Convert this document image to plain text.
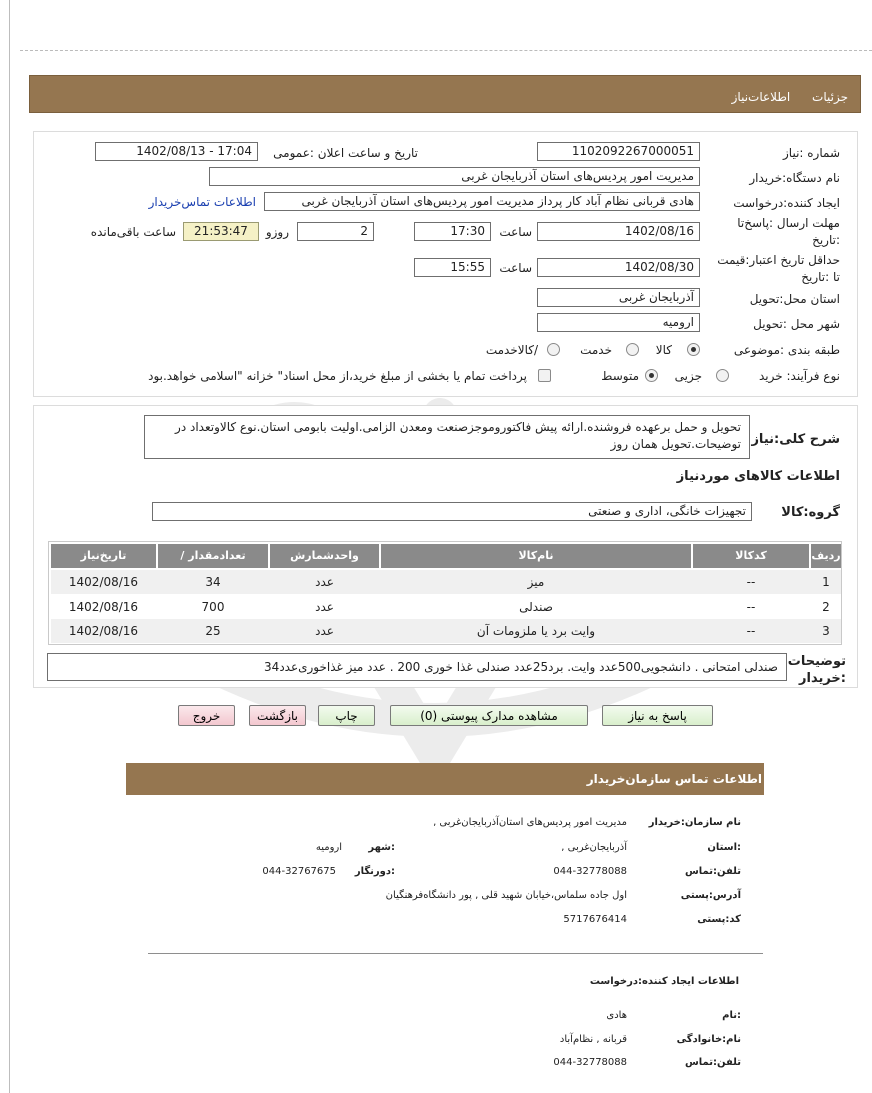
جزئیات اطلاعات‌نیاز
شماره :نیاز
1102092267000051
تاریخ و ساعت اعلان :عمومی
1402/08/13 - 17:04
نام دستگاه:خریدار
مدیریت امور پردیس‌های استان آذربایجان غربی
ایجاد کننده:درخواست
هادی قربانی نظام آباد کار پرداز مدیریت امور پردیس‌های استان آذربایجان غربی
اطلاعات تماس‌خریدار
مهلت ارسال :پاسخ‌تا
:تاریخ
1402/08/16
ساعت
17:30
2
روزو
21:53:47
ساعت باقی‌مانده
حداقل تاریخ اعتبار:قیمت
تا :تاریخ
1402/08/30
ساعت
15:55
استان محل:تحویل
آذربایجان غربی
شهر محل :تحویل
ارومیه
طبقه بندی :موضوعی
کالا
خدمت
/کالاخدمت
نوع فرآیند: خرید
جزیی
متوسط
پرداخت تمام یا بخشی از مبلغ خرید،از محل اسناد" خزانه "اسلامی خواهد.بود
شرح کلی:نیاز
تحویل و حمل برعهده فروشنده.ارائه پیش فاکتوروموجزصنعت ومعدن الزامی.اولیت بابومی استان.نوع کالاوتعداد در توضیحات.تحویل همان روز
اطلاعات کالاهای موردنیاز
گروه:کالا
تجهیزات خانگی، اداری و صنعتی
ردیف
کدکالا
نام‌کالا
واحدشمارش
/ تعدادمقدار
تاریخ‌نیاز
1
--
میز
عدد
34
1402/08/16
2
--
صندلی
عدد
700
1402/08/16
3
--
وایت برد یا ملزومات آن
عدد
25
1402/08/16
توضیحات
:خریدار
صندلی امتحانی . دانشجویی500عدد وایت. برد25عدد صندلی غذا خوری 200 . عدد میز غذاخوری‌عدد34
پاسخ به نیاز
مشاهده مدارک پیوستی (0)
چاپ
بازگشت
خروج
اطلاعات تماس سازمان‌خریدار
نام سازمان:خریدار
مدیریت امور پردیس‌های استان‌آذربایجان‌غربی ,
:استان
آذربایجان‌غربی ,
:شهر
ارومیه
تلفن:تماس
044-32778088
:دورنگار
044-32767675
آدرس:پستی
اول جاده سلماس،خیابان شهید قلی , پور دانشگاه‌فرهنگیان
کد:پستی
5717676414
اطلاعات ایجاد کننده:درخواست
:نام
هادی
نام:خانوادگی
قربانه , نظام‌آباد
تلفن:تماس
044-32778088
